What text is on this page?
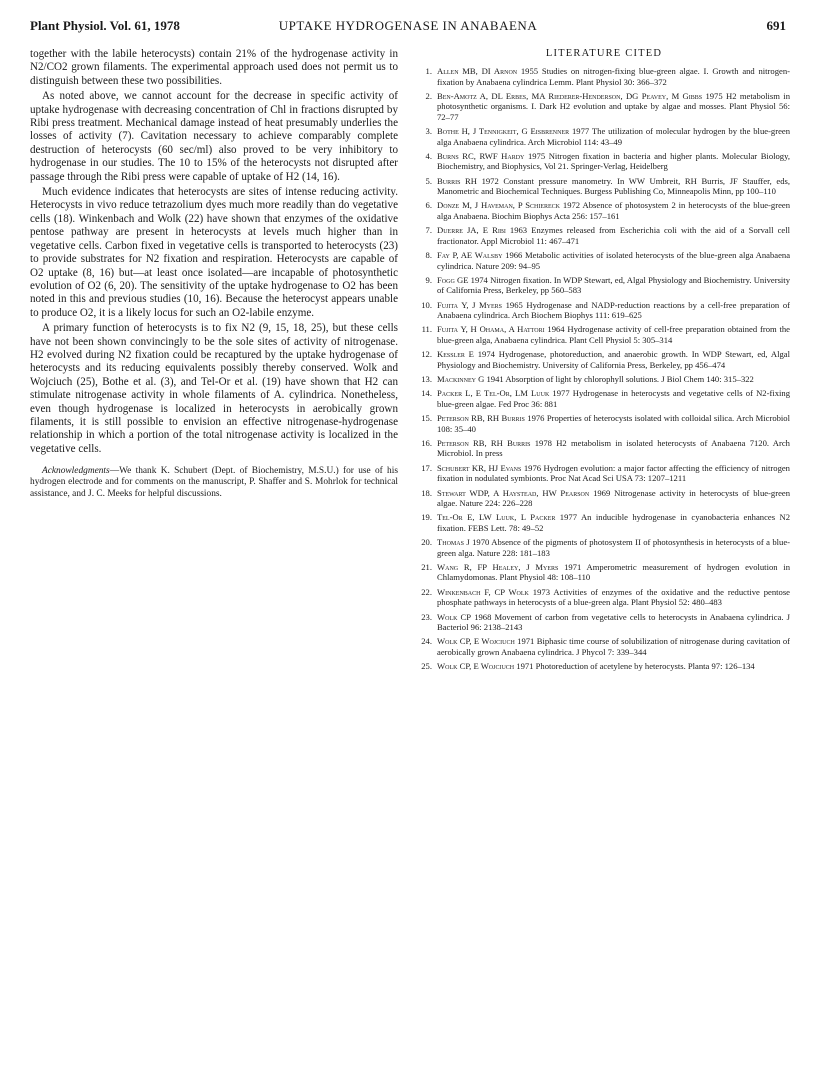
Plant Physiol. Vol. 61, 1978	UPTAKE HYDROGENASE IN ANABAENA	691

together with the labile heterocysts) contain 21% of the hydrogenase activity in N2/CO2 grown filaments. The experimental approach used does not permit us to distinguish between these two possibilities.

As noted above, we cannot account for the decrease in specific activity of uptake hydrogenase with decreasing concentration of Chl in fractions disrupted by Ribi press treatment. Mechanical damage instead of heat presumably underlies the losses of activity (7). Cavitation necessary to achieve comparably complete destruction of heterocysts (60 sec/ml) also proved to be very inhibitory to hydrogenase in our studies. The 10 to 15% of the heterocysts not disrupted after passage through the Ribi press were capable of uptake of H2 (14, 16).

Much evidence indicates that heterocysts are sites of intense reducing activity. Heterocysts in vivo reduce tetrazolium dyes much more readily than do vegetative cells (18). Winkenbach and Wolk (22) have shown that enzymes of the oxidative pentose pathway are present in heterocysts at levels much higher than in vegetative cells. Carbon fixed in vegetative cells is transported to heterocysts (23) to provide substrates for N2 fixation and respiration. Heterocysts are capable of O2 uptake (8, 16) but—at least once isolated—are incapable of photosynthetic evolution of O2 (6, 20). The sensitivity of the uptake hydrogenase to O2 has been noted in this and previous studies (10, 16). Because the heterocyst appears unable to produce O2, it is a likely locus for such an O2-labile enzyme.

A primary function of heterocysts is to fix N2 (9, 15, 18, 25), but these cells have not been shown convincingly to be the sole sites of activity of nitrogenase. H2 evolved during N2 fixation could be recaptured by the uptake hydrogenase of heterocysts and its reducing equivalents possibly thereby conserved. Wolk and Wojciuch (25), Bothe et al. (3), and Tel-Or et al. (19) have shown that H2 can stimulate nitrogenase activity in whole filaments of A. cylindrica. Nonetheless, even though hydrogenase is localized in heterocysts in aerobically grown filaments, it is still possible to envision an effective nitrogenase-hydrogenase relationship in which a portion of the total nitrogenase activity is localized in the vegetative cells.

Acknowledgments—We thank K. Schubert (Dept. of Biochemistry, M.S.U.) for use of his hydrogen electrode and for comments on the manuscript, P. Shaffer and S. Mohrlok for technical assistance, and J. C. Meeks for helpful discussions.

LITERATURE CITED
1. Allen MB, DI Arnon 1955 Studies on nitrogen-fixing blue-green algae. I. Growth and nitrogen-fixation by Anabaena cylindrica Lemm. Plant Physiol 30: 366–372
2. Ben-Amotz A, DL Erbes, MA Riederer-Henderson, DG Peavey, M Gibbs 1975 H2 metabolism in photosynthetic organisms. I. Dark H2 evolution and uptake by algae and mosses. Plant Physiol 56: 72–77
3. Bothe H, J Tennigkeit, G Eisbrenner 1977 The utilization of molecular hydrogen by the blue-green alga Anabaena cylindrica. Arch Microbiol 114: 43–49
4. Burns RC, RWF Hardy 1975 Nitrogen fixation in bacteria and higher plants. Molecular Biology, Biochemistry, and Biophysics, Vol 21. Springer-Verlag, Heidelberg
5. Burris RH 1972 Constant pressure manometry. In WW Umbreit, RH Burris, JF Stauffer, eds, Manometric and Biochemical Techniques. Burgess Publishing Co, Minneapolis Minn, pp 100–110
6. Donze M, J Haveman, P Schiereck 1972 Absence of photosystem 2 in heterocysts of the blue-green alga Anabaena. Biochim Biophys Acta 256: 157–161
7. Duerre JA, E Ribi 1963 Enzymes released from Escherichia coli with the aid of a Sorvall cell fractionator. Appl Microbiol 11: 467–471
8. Fay P, AE Walsby 1966 Metabolic activities of isolated heterocysts of the blue-green alga Anabaena cylindrica. Nature 209: 94–95
9. Fogg GE 1974 Nitrogen fixation. In WDP Stewart, ed, Algal Physiology and Biochemistry. University of California Press, Berkeley, pp 560–583
10. Fujita Y, J Myers 1965 Hydrogenase and NADP-reduction reactions by a cell-free preparation of Anabaena cylindrica. Arch Biochem Biophys 111: 619–625
11. Fujita Y, H Ohama, A Hattori 1964 Hydrogenase activity of cell-free preparation obtained from the blue-green alga, Anabaena cylindrica. Plant Cell Physiol 5: 305–314
12. Kessler E 1974 Hydrogenase, photoreduction, and anaerobic growth. In WDP Stewart, ed, Algal Physiology and Biochemistry. University of California Press, Berkeley, pp 456–474
13. Mackinney G 1941 Absorption of light by chlorophyll solutions. J Biol Chem 140: 315–322
14. Packer L, E Tel-Or, LM Luuk 1977 Hydrogenase in heterocysts and vegetative cells of N2-fixing blue-green algae. Fed Proc 36: 881
15. Peterson RB, RH Burris 1976 Properties of heterocysts isolated with colloidal silica. Arch Microbiol 108: 35–40
16. Peterson RB, RH Burris 1978 H2 metabolism in isolated heterocysts of Anabaena 7120. Arch Microbiol. In press
17. Schubert KR, HJ Evans 1976 Hydrogen evolution: a major factor affecting the efficiency of nitrogen fixation in nodulated symbionts. Proc Nat Acad Sci USA 73: 1207–1211
18. Stewart WDP, A Haystead, HW Pearson 1969 Nitrogenase activity in heterocysts of blue-green algae. Nature 224: 226–228
19. Tel-Or E, LW Luuk, L Packer 1977 An inducible hydrogenase in cyanobacteria enhances N2 fixation. FEBS Lett. 78: 49–52
20. Thomas J 1970 Absence of the pigments of photosystem II of photosynthesis in heterocysts of a blue-green alga. Nature 228: 181–183
21. Wang R, FP Healey, J Myers 1971 Amperometric measurement of hydrogen evolution in Chlamydomonas. Plant Physiol 48: 108–110
22. Winkenbach F, CP Wolk 1973 Activities of enzymes of the oxidative and the reductive pentose phosphate pathways in heterocysts of a blue-green alga. Plant Physiol 52: 480–483
23. Wolk CP 1968 Movement of carbon from vegetative cells to heterocysts in Anabaena cylindrica. J Bacteriol 96: 2138–2143
24. Wolk CP, E Wojciuch 1971 Biphasic time course of solubilization of nitrogenase during cavitation of aerobically grown Anabaena cylindrica. J Phycol 7: 339–344
25. Wolk CP, E Wojciuch 1971 Photoreduction of acetylene by heterocysts. Planta 97: 126–134
